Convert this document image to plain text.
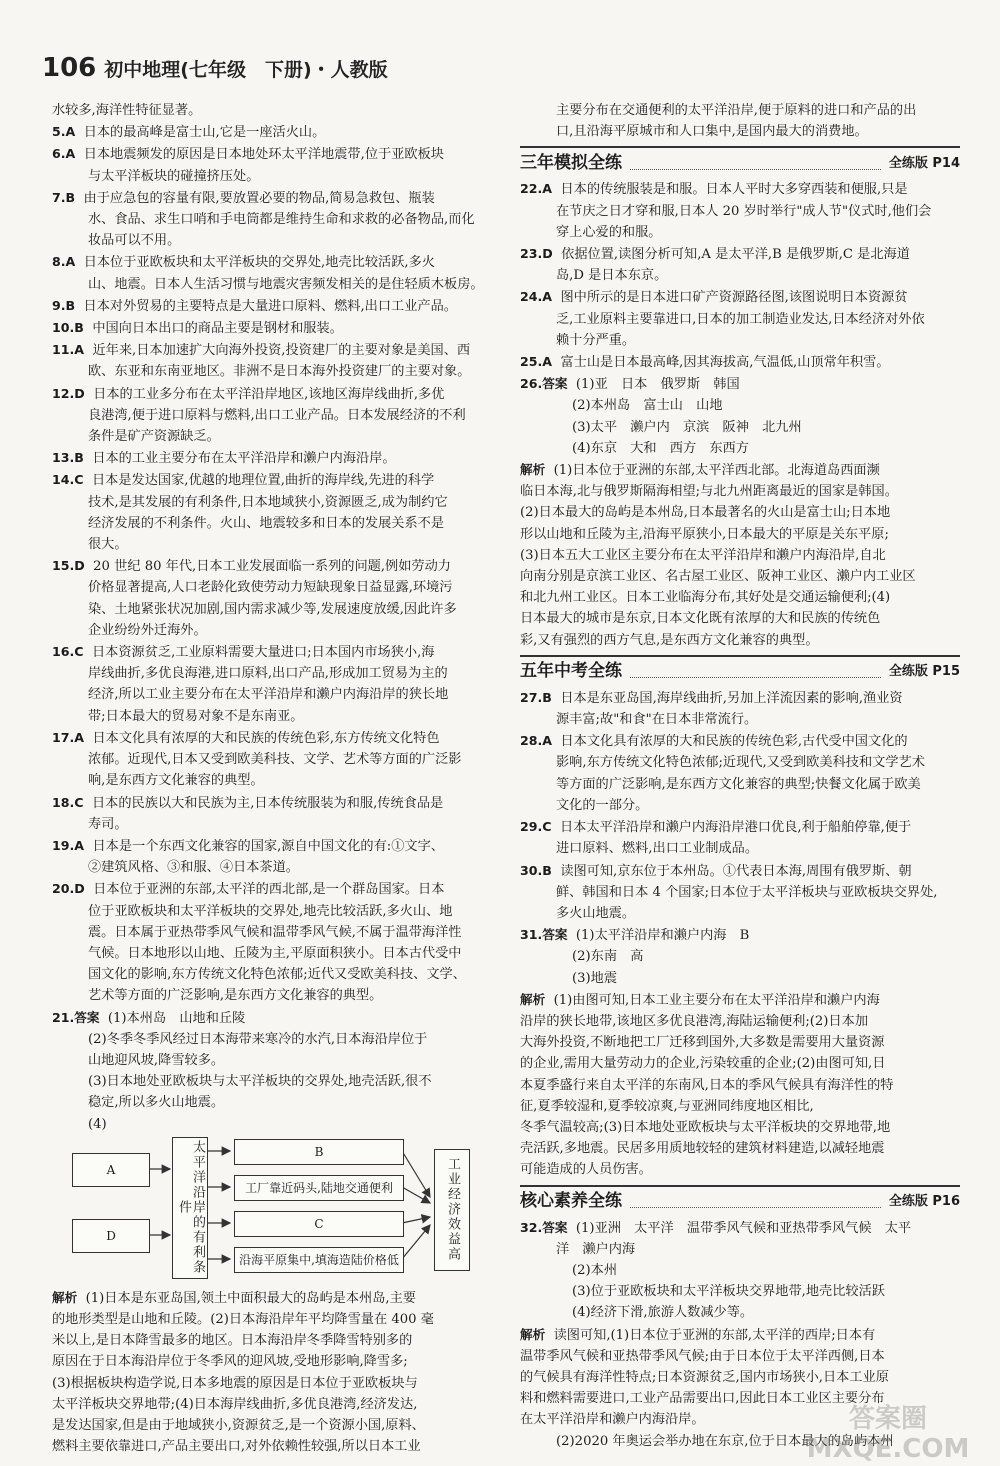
106 初中地理(七年级　下册)・人教版
水较多,海洋性特征显著。
5.A 日本的最高峰是富士山,它是一座活火山。
6.A 日本地震频发的原因是日本地处环太平洋地震带,位于亚欧板块
与太平洋板块的碰撞挤压处。
7.B 由于应急包的容量有限,要放置必要的物品,简易急救包、瓶装
水、食品、求生口哨和手电筒都是维持生命和求救的必备物品,而化
妆品可以不用。
8.A 日本位于亚欧板块和太平洋板块的交界处,地壳比较活跃,多火
山、地震。日本人生活习惯与地震灾害频发相关的是住轻质木板房。
9.B 日本对外贸易的主要特点是大量进口原料、燃料,出口工业产品。
10.B 中国向日本出口的商品主要是钢材和服装。
11.A 近年来,日本加速扩大向海外投资,投资建厂的主要对象是美国、西
欧、东亚和东南亚地区。非洲不是日本海外投资建厂的主要对象。
12.D 日本的工业多分布在太平洋沿岸地区,该地区海岸线曲折,多优
良港湾,便于进口原料与燃料,出口工业产品。日本发展经济的不利
条件是矿产资源缺乏。
13.B 日本的工业主要分布在太平洋沿岸和濑户内海沿岸。
14.C 日本是发达国家,优越的地理位置,曲折的海岸线,先进的科学
技术,是其发展的有利条件,日本地域狭小,资源匮乏,成为制约它
经济发展的不利条件。火山、地震较多和日本的发展关系不是
很大。
15.D 20 世纪 80 年代,日本工业发展面临一系列的问题,例如劳动力
价格显著提高,人口老龄化致使劳动力短缺现象日益显露,环境污
染、土地紧张状况加剧,国内需求减少等,发展速度放缓,因此许多
企业纷纷外迁海外。
16.C 日本资源贫乏,工业原料需要大量进口;日本国内市场狭小,海
岸线曲折,多优良海港,进口原料,出口产品,形成加工贸易为主的
经济,所以工业主要分布在太平洋沿岸和濑户内海沿岸的狭长地
带;日本最大的贸易对象不是东南亚。
17.A 日本文化具有浓厚的大和民族的传统色彩,东方传统文化特色
浓郁。近现代,日本又受到欧美科技、文学、艺术等方面的广泛影
响,是东西方文化兼容的典型。
18.C 日本的民族以大和民族为主,日本传统服装为和服,传统食品是
寿司。
19.A 日本是一个东西文化兼容的国家,源自中国文化的有:①文字、
②建筑风格、③和服、④日本茶道。
20.D 日本位于亚洲的东部,太平洋的西北部,是一个群岛国家。日本
位于亚欧板块和太平洋板块的交界处,地壳比较活跃,多火山、地
震。日本属于亚热带季风气候和温带季风气候,不属于温带海洋性
气候。日本地形以山地、丘陵为主,平原面积狭小。日本古代受中
国文化的影响,东方传统文化特色浓郁;近代又受欧美科技、文学、
艺术等方面的广泛影响,是东西方文化兼容的典型。
21.答案 (1)本州岛　山地和丘陵
(2)冬季冬季风经过日本海带来寒冷的水汽,日本海沿岸位于
山地迎风坡,降雪较多。
(3)日本地处亚欧板块与太平洋板块的交界处,地壳活跃,很不
稳定,所以多火山地震。
(4)
A
D	太平洋沿岸的有利条件
B
工厂靠近码头,陆地交通便利
C
沿海平原集中,填海造陆价格低	工业经济效益高
解析 (1)日本是东亚岛国,领土中面积最大的岛屿是本州岛,主要
的地形类型是山地和丘陵。(2)日本海沿岸年平均降雪量在 400 毫
米以上,是日本降雪最多的地区。日本海沿岸冬季降雪特别多的
原因在于日本海沿岸位于冬季风的迎风坡,受地形影响,降雪多;
(3)根据板块构造学说,日本多地震的原因是日本位于亚欧板块与
太平洋板块交界地带;(4)日本海岸线曲折,多优良港湾,经济发达,
是发达国家,但是由于地域狭小,资源贫乏,是一个资源小国,原料、
燃料主要依靠进口,产品主要出口,对外依赖性较强,所以日本工业
主要分布在交通便利的太平洋沿岸,便于原料的进口和产品的出
口,且沿海平原城市和人口集中,是国内最大的消费地。
三年模拟全练	全练版 P14
22.A 日本的传统服装是和服。日本人平时大多穿西装和便服,只是
在节庆之日才穿和服,日本人 20 岁时举行"成人节"仪式时,他们会
穿上心爱的和服。
23.D 依据位置,读图分析可知,A 是太平洋,B 是俄罗斯,C 是北海道
岛,D 是日本东京。
24.A 图中所示的是日本进口矿产资源路径图,该图说明日本资源贫
乏,工业原料主要靠进口,日本的加工制造业发达,日本经济对外依
赖十分严重。
25.A 富士山是日本最高峰,因其海拔高,气温低,山顶常年积雪。
26.答案 (1)亚　日本　俄罗斯　韩国
(2)本州岛　富士山　山地
(3)太平　濑户内　京滨　阪神　北九州
(4)东京　大和　西方　东西方
解析 (1)日本位于亚洲的东部,太平洋西北部。北海道岛西面濒
临日本海,北与俄罗斯隔海相望;与北九州距离最近的国家是韩国。
(2)日本最大的岛屿是本州岛,日本最著名的火山是富士山;日本地
形以山地和丘陵为主,沿海平原狭小,日本最大的平原是关东平原;
(3)日本五大工业区主要分布在太平洋沿岸和濑户内海沿岸,自北
向南分别是京滨工业区、名古屋工业区、阪神工业区、濑户内工业区
和北九州工业区。日本工业临海分布,其好处是交通运输便利;(4)
日本最大的城市是东京,日本文化既有浓厚的大和民族的传统色
彩,又有强烈的西方气息,是东西方文化兼容的典型。
五年中考全练	全练版 P15
27.B 日本是东亚岛国,海岸线曲折,另加上洋流因素的影响,渔业资
源丰富;故"和食"在日本非常流行。
28.A 日本文化具有浓厚的大和民族的传统色彩,古代受中国文化的
影响,东方传统文化特色浓郁;近现代,又受到欧美科技和文学艺术
等方面的广泛影响,是东西方文化兼容的典型;快餐文化属于欧美
文化的一部分。
29.C 日本太平洋沿岸和濑户内海沿岸港口优良,利于船舶停靠,便于
进口原料、燃料,出口工业制成品。
30.B 读图可知,京东位于本州岛。①代表日本海,周围有俄罗斯、朝
鲜、韩国和日本 4 个国家;日本位于太平洋板块与亚欧板块交界处,
多火山地震。
31.答案 (1)太平洋沿岸和濑户内海　B
(2)东南　高
(3)地震
解析 (1)由图可知,日本工业主要分布在太平洋沿岸和濑户内海
沿岸的狭长地带,该地区多优良港湾,海陆运输便利;(2)日本加
大海外投资,不断地把工厂迁移到国外,大多数是需要用大量资源
的企业,需用大量劳动力的企业,污染较重的企业;(2)由图可知,日
本夏季盛行来自太平洋的东南风,日本的季风气候具有海洋性的特
征,夏季较湿和,夏季较凉爽,与亚洲同纬度地区相比,
冬季气温较高;(3)日本地处亚欧板块与太平洋板块的交界地带,地
壳活跃,多地震。民居多用质地较轻的建筑材料建造,以减轻地震
可能造成的人员伤害。
核心素养全练	全练版 P16
32.答案 (1)亚洲　太平洋　温带季风气候和亚热带季风气候　太平
洋　濑户内海
(2)本州
(3)位于亚欧板块和太平洋板块交界地带,地壳比较活跃
(4)经济下滑,旅游人数减少等。
解析 读图可知,(1)日本位于亚洲的东部,太平洋的西岸;日本有
温带季风气候和亚热带季风气候;由于日本位于太平洋西侧,日本
的气候具有海洋性特点;日本资源贫乏,国内市场狭小,日本工业原
料和燃料需要进口,工业产品需要出口,因此日本工业区主要分布
在太平洋沿岸和濑户内海沿岸。
(2)2020 年奥运会举办地在东京,位于日本最大的岛屿本州
答案圈
MXQE.COM
